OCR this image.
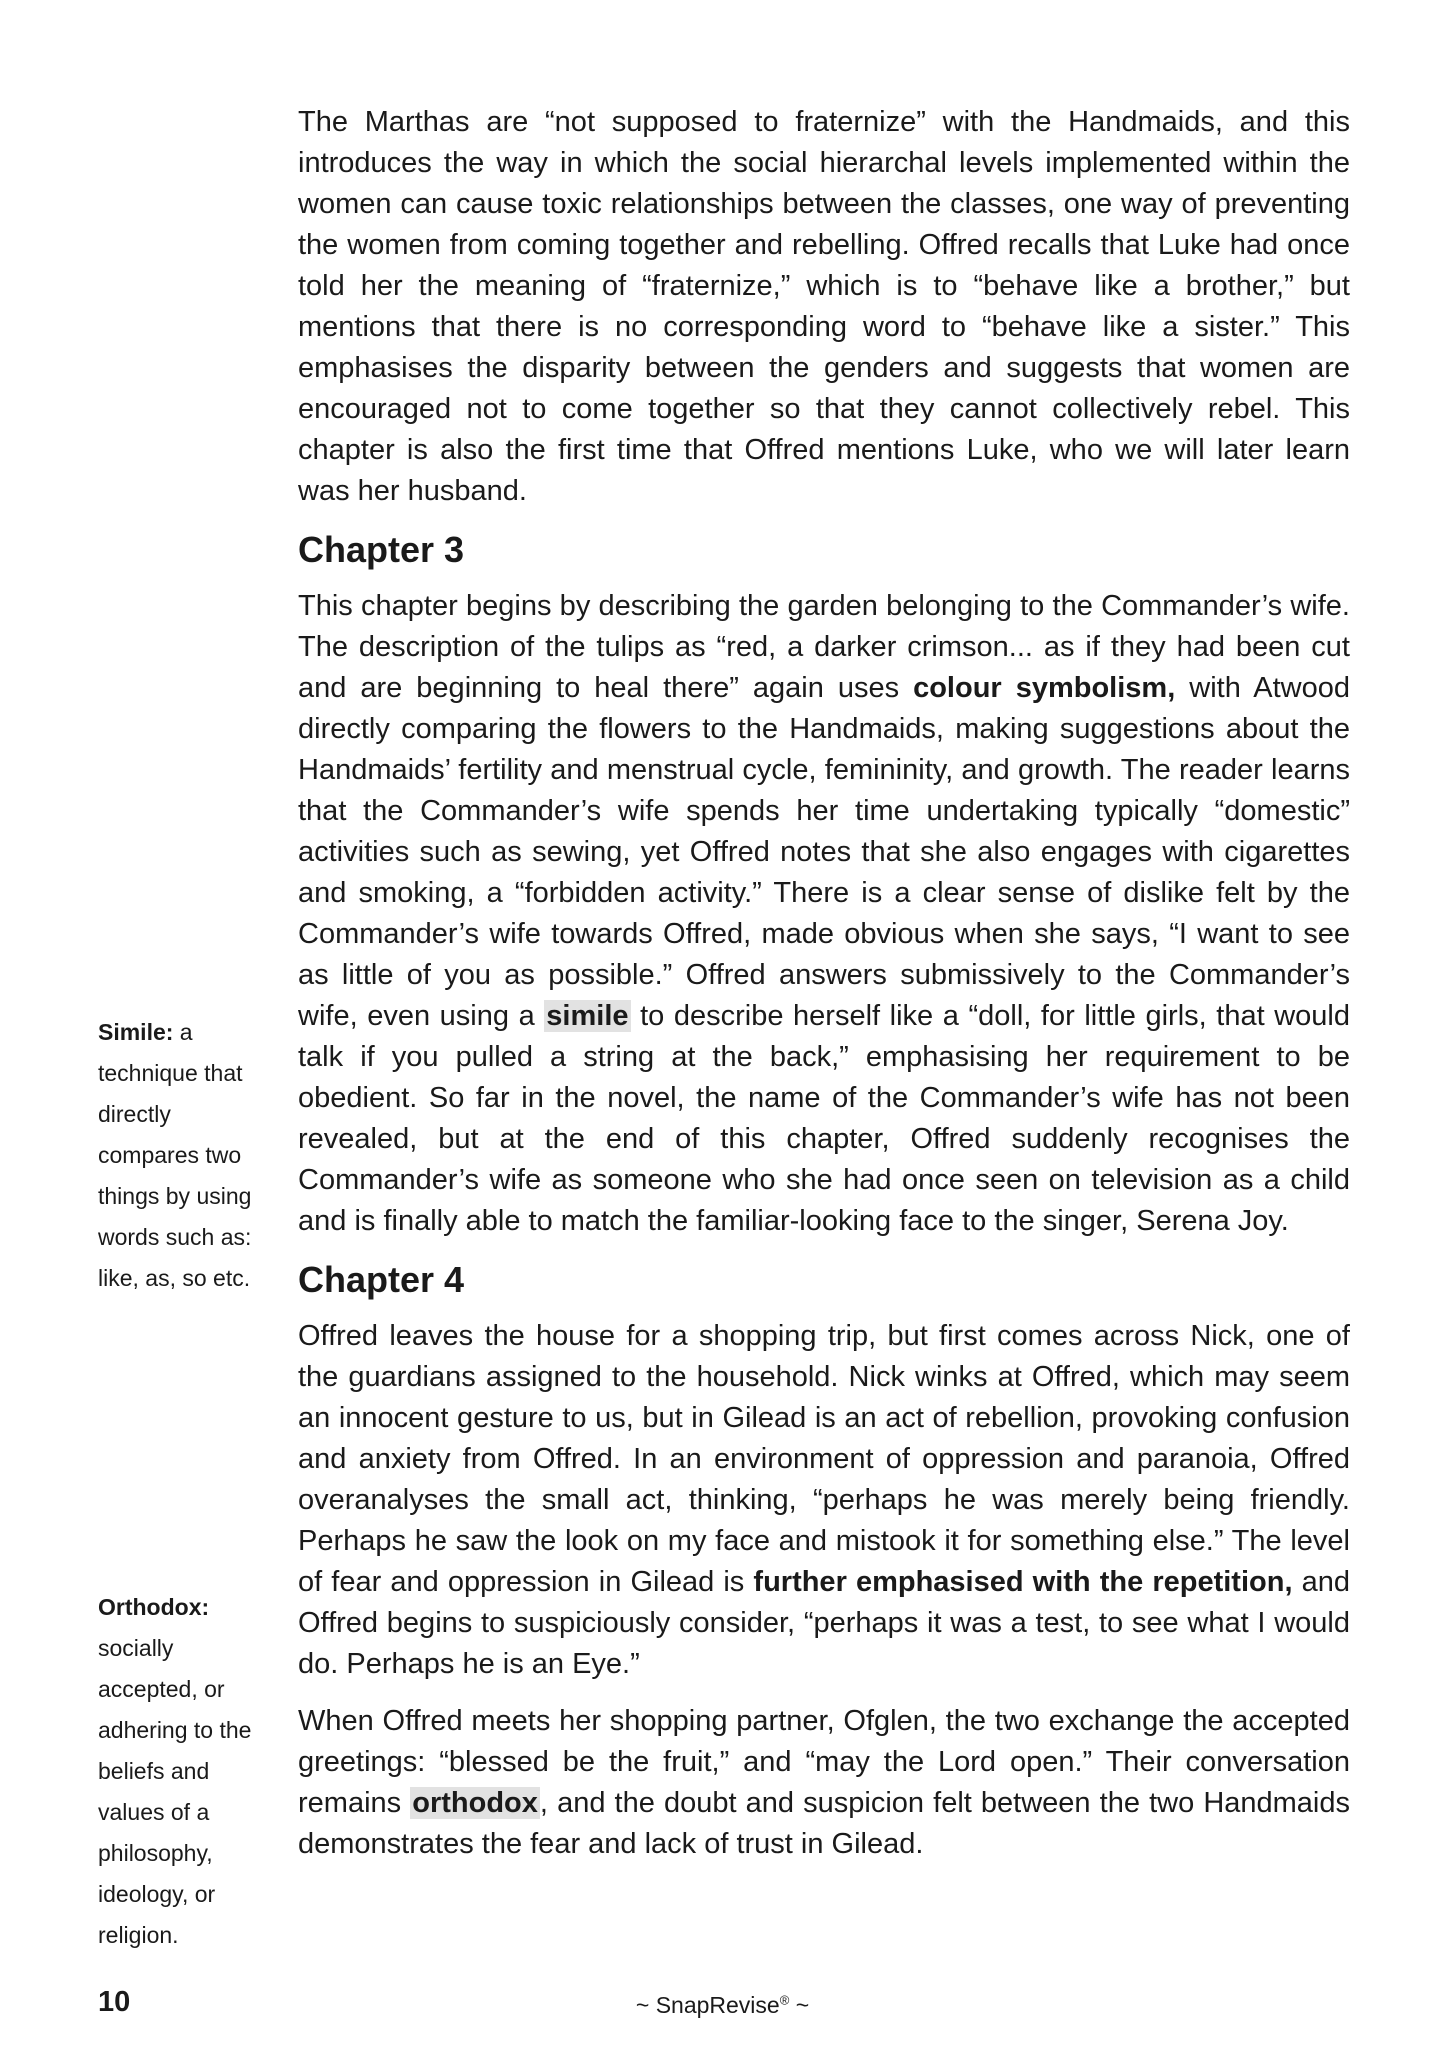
The Marthas are “not supposed to fraternize” with the Handmaids, and this introduces the way in which the social hierarchal levels implemented within the women can cause toxic relationships between the classes, one way of preventing the women from coming together and rebelling. Offred recalls that Luke had once told her the meaning of “fraternize,” which is to “behave like a brother,” but mentions that there is no corresponding word to “behave like a sister.” This emphasises the disparity between the genders and suggests that women are encouraged not to come together so that they cannot collectively rebel. This chapter is also the first time that Offred mentions Luke, who we will later learn was her husband.

Chapter 3

This chapter begins by describing the garden belonging to the Commander’s wife. The description of the tulips as “red, a darker crimson... as if they had been cut and are beginning to heal there” again uses colour symbolism, with Atwood directly comparing the flowers to the Handmaids, making suggestions about the Handmaids’ fertility and menstrual cycle, femininity, and growth. The reader learns that the Commander’s wife spends her time undertaking typically “domestic” activities such as sewing, yet Offred notes that she also engages with cigarettes and smoking, a “forbidden activity.” There is a clear sense of dislike felt by the Commander’s wife towards Offred, made obvious when she says, “I want to see as little of you as possible.” Offred answers submissively to the Commander’s wife, even using a simile to describe herself like a “doll, for little girls, that would talk if you pulled a string at the back,” emphasising her requirement to be obedient. So far in the novel, the name of the Commander’s wife has not been revealed, but at the end of this chapter, Offred suddenly recognises the Commander’s wife as someone who she had once seen on television as a child and is finally able to match the familiar-looking face to the singer, Serena Joy.

Chapter 4

Offred leaves the house for a shopping trip, but first comes across Nick, one of the guardians assigned to the household. Nick winks at Offred, which may seem an innocent gesture to us, but in Gilead is an act of rebellion, provoking confusion and anxiety from Offred. In an environment of oppression and paranoia, Offred overanalyses the small act, thinking, “perhaps he was merely being friendly. Perhaps he saw the look on my face and mistook it for something else.” The level of fear and oppression in Gilead is further emphasised with the repetition, and Offred begins to suspiciously consider, “perhaps it was a test, to see what I would do. Perhaps he is an Eye.”

When Offred meets her shopping partner, Ofglen, the two exchange the accepted greetings: “blessed be the fruit,” and “may the Lord open.” Their conversation remains orthodox, and the doubt and suspicion felt between the two Handmaids demonstrates the fear and lack of trust in Gilead.

Simile: a technique that directly compares two things by using words such as: like, as, so etc.
Orthodox: socially accepted, or adhering to the beliefs and values of a philosophy, ideology, or religion.
10	~ SnapRevise® ~
